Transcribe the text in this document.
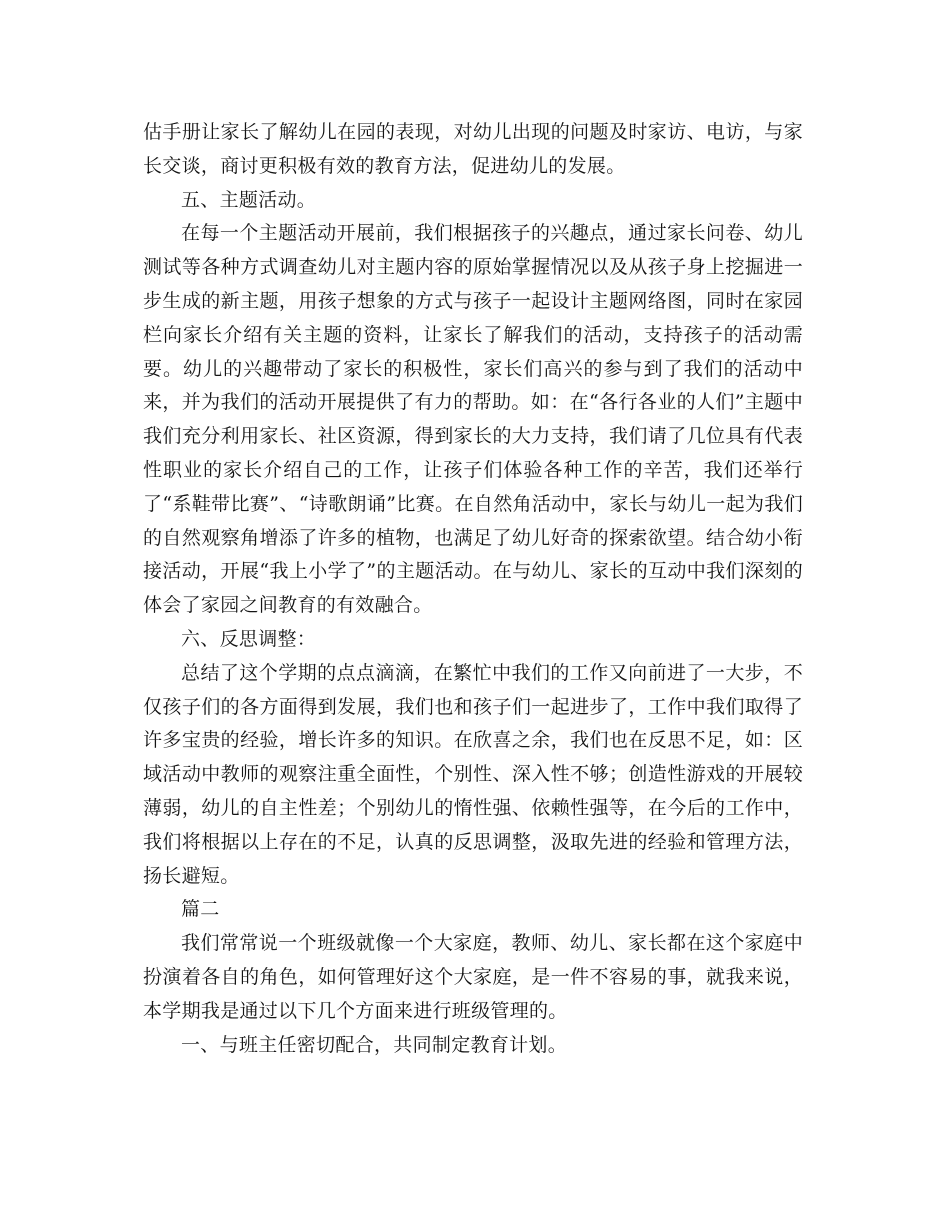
估手册让家长了解幼儿在园的表现，对幼儿出现的问题及时家访、电访，与家长交谈，商讨更积极有效的教育方法，促进幼儿的发展。

五、主题活动。

在每一个主题活动开展前，我们根据孩子的兴趣点，通过家长问卷、幼儿测试等各种方式调查幼儿对主题内容的原始掌握情况以及从孩子身上挖掘进一步生成的新主题，用孩子想象的方式与孩子一起设计主题网络图，同时在家园栏向家长介绍有关主题的资料，让家长了解我们的活动，支持孩子的活动需要。幼儿的兴趣带动了家长的积极性，家长们高兴的参与到了我们的活动中来，并为我们的活动开展提供了有力的帮助。如：在“各行各业的人们”主题中我们充分利用家长、社区资源，得到家长的大力支持，我们请了几位具有代表性职业的家长介绍自己的工作，让孩子们体验各种工作的辛苦，我们还举行了“系鞋带比赛”、“诗歌朗诵”比赛。在自然角活动中，家长与幼儿一起为我们的自然观察角增添了许多的植物，也满足了幼儿好奇的探索欲望。结合幼小衔接活动，开展“我上小学了”的主题活动。在与幼儿、家长的互动中我们深刻的体会了家园之间教育的有效融合。

六、反思调整：

总结了这个学期的点点滴滴，在繁忙中我们的工作又向前进了一大步，不仅孩子们的各方面得到发展，我们也和孩子们一起进步了，工作中我们取得了许多宝贵的经验，增长许多的知识。在欣喜之余，我们也在反思不足，如：区域活动中教师的观察注重全面性，个别性、深入性不够；创造性游戏的开展较薄弱，幼儿的自主性差；个别幼儿的惰性强、依赖性强等，在今后的工作中，我们将根据以上存在的不足，认真的反思调整，汲取先进的经验和管理方法，扬长避短。

篇二

我们常常说一个班级就像一个大家庭，教师、幼儿、家长都在这个家庭中扮演着各自的角色，如何管理好这个大家庭，是一件不容易的事，就我来说，本学期我是通过以下几个方面来进行班级管理的。

一、与班主任密切配合，共同制定教育计划。
